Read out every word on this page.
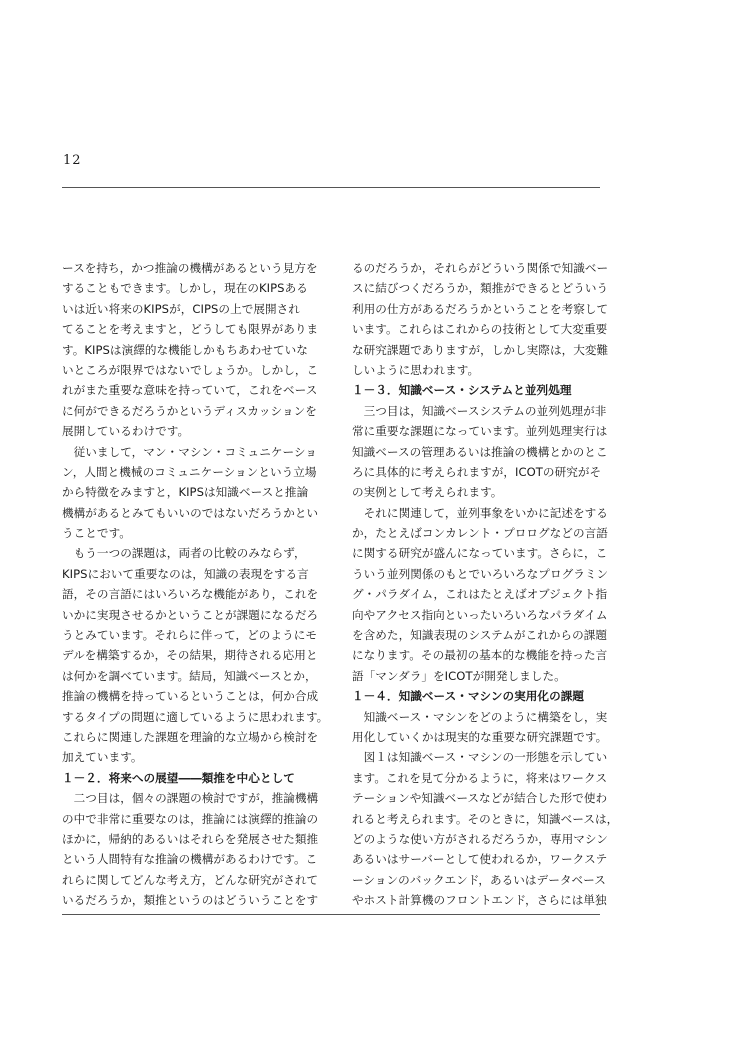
12
ースを持ち，かつ推論の機構があるという見方を
することもできます。しかし，現在のKIPSある
いは近い将来のKIPSが，CIPSの上で展開され
てることを考えますと，どうしても限界がありま
す。KIPSは演繹的な機能しかもちあわせていな
いところが限界ではないでしょうか。しかし，こ
れがまた重要な意味を持っていて，これをベース
に何ができるだろうかというディスカッションを
展開しているわけです。
　従いまして，マン・マシン・コミュニケーショ
ン，人間と機械のコミュニケーションという立場
から特徴をみますと，KIPSは知識ベースと推論
機構があるとみてもいいのではないだろうかとい
うことです。
　もう一つの課題は，両者の比較のみならず，
KIPSにおいて重要なのは，知識の表現をする言
語，その言語にはいろいろな機能があり，これを
いかに実現させるかということが課題になるだろ
うとみています。それらに伴って，どのようにモ
デルを構築するか，その結果，期待される応用と
は何かを調べています。結局，知識ベースとか，
推論の機構を持っているということは，何か合成
するタイプの問題に適しているように思われます。
これらに関連した課題を理論的な立場から検討を
加えています。
１－２．将来への展望――類推を中心として
　二つ目は，個々の課題の検討ですが，推論機構
の中で非常に重要なのは，推論には演繹的推論の
ほかに，帰納的あるいはそれらを発展させた類推
という人間特有な推論の機構があるわけです。こ
れらに関してどんな考え方，どんな研究がされて
いるだろうか，類推というのはどういうことをす
るのだろうか，それらがどういう関係で知識ベー
スに結びつくだろうか，類推ができるとどういう
利用の仕方があるだろうかということを考察して
います。これらはこれからの技術として大変重要
な研究課題でありますが，しかし実際は，大変難
しいように思われます。
１－３．知識ベース・システムと並列処理
　三つ目は，知識ベースシステムの並列処理が非
常に重要な課題になっています。並列処理実行は
知識ベースの管理あるいは推論の機構とかのとこ
ろに具体的に考えられますが，ICOTの研究がそ
の実例として考えられます。
　それに関連して，並列事象をいかに記述をする
か，たとえばコンカレント・プロログなどの言語
に関する研究が盛んになっています。さらに，こ
ういう並列関係のもとでいろいろなプログラミン
グ・パラダイム，これはたとえばオブジェクト指
向やアクセス指向といったいろいろなパラダイム
を含めた，知識表現のシステムがこれからの課題
になります。その最初の基本的な機能を持った言
語「マンダラ」をICOTが開発しました。
１－４．知識ベース・マシンの実用化の課題
　知識ベース・マシンをどのように構築をし，実
用化していくかは現実的な重要な研究課題です。
　図１は知識ベース・マシンの一形態を示してい
ます。これを見て分かるように，将来はワークス
テーションや知識ベースなどが結合した形で使わ
れると考えられます。そのときに，知識ベースは，
どのような使い方がされるだろうか，専用マシン
あるいはサーバーとして使われるか，ワークステ
ーションのバックエンド，あるいはデータベース
やホスト計算機のフロントエンド，さらには単独
